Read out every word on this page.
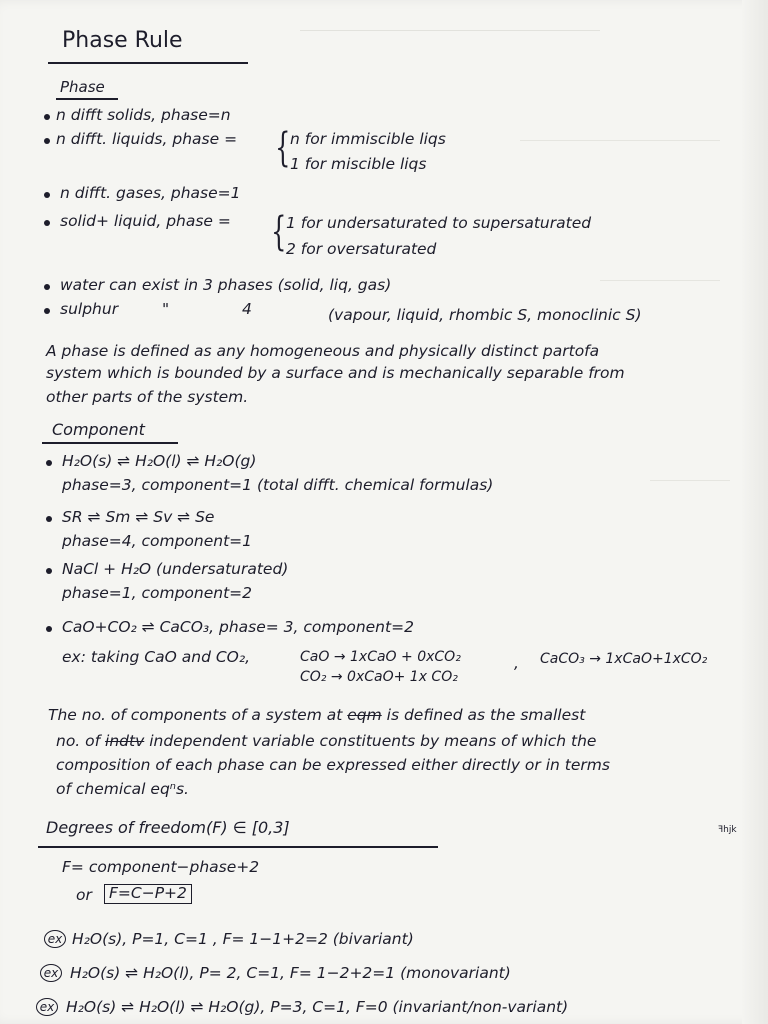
Phase Rule

Phase

n difft solids, phase=n

n difft. liquids, phase = { n for immiscible liqs

1 for miscible liqs

n difft. gases, phase=1

solid+ liquid, phase = { 1 for undersaturated to supersaturated

2 for oversaturated

water can exist in 3 phases (solid, liq, gas)

sulphur	"	4	(vapour, liquid, rhombic S, monoclinic S)

A phase is defined as any homogeneous and physically distinct partofa

system which is bounded by a surface and is mechanically separable from

other parts of the system.

Component

H₂O(s) ⇌ H₂O(l) ⇌ H₂O(g)

phase=3, component=1 (total difft. chemical formulas)

SR ⇌ Sm ⇌ Sv ⇌ Se

phase=4, component=1

NaCl + H₂O (undersaturated)

phase=1, component=2

CaO+CO₂ ⇌ CaCO₃, phase= 3, component=2

ex: taking CaO and CO₂,	CaO → 1xCaO + 0xCO₂

CO₂ → 0xCaO+ 1x CO₂

, CaCO₃ → 1xCaO+1xCO₂

The no. of components of a system at eqm is defined as the smallest

no. of indtv independent variable constituents by means of which the

composition of each phase can be expressed either directly or in terms

of chemical eqⁿs.

Degrees of freedom(F) ∈ [0,3]	ꟻhjk

F= component−phase+2

or	F=C−P+2

ex H₂O(s), P=1, C=1 , F= 1−1+2=2 (bivariant)

ex H₂O(s) ⇌ H₂O(l), P= 2, C=1, F= 1−2+2=1 (monovariant)

ex H₂O(s) ⇌ H₂O(l) ⇌ H₂O(g), P=3, C=1, F=0 (invariant/non-variant)
